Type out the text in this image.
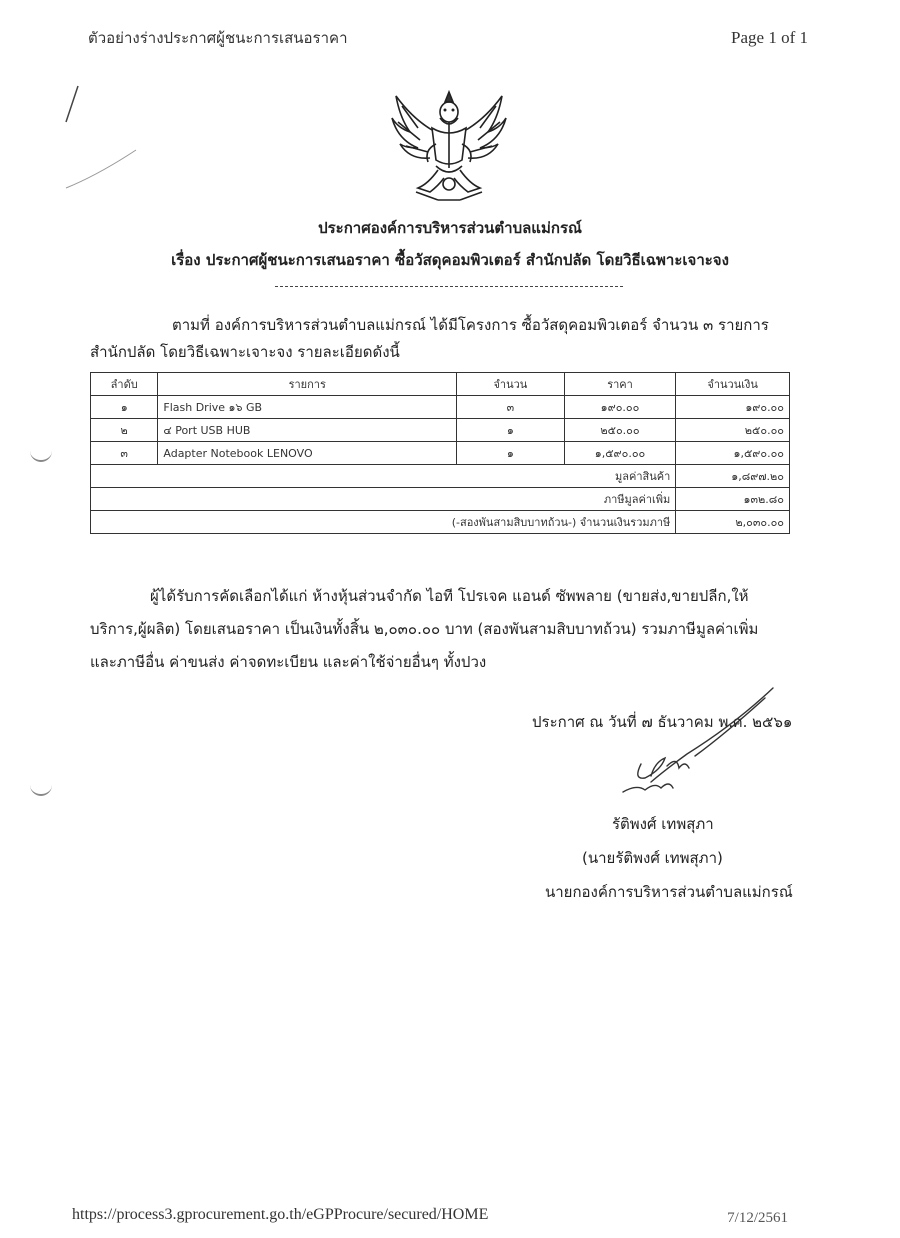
ตัวอย่างร่างประกาศผู้ชนะการเสนอราคา	Page 1 of 1
ประกาศองค์การบริหารส่วนตำบลแม่กรณ์
เรื่อง ประกาศผู้ชนะการเสนอราคา ซื้อวัสดุคอมพิวเตอร์ สำนักปลัด โดยวิธีเฉพาะเจาะจง
ตามที่ องค์การบริหารส่วนตำบลแม่กรณ์ ได้มีโครงการ ซื้อวัสดุคอมพิวเตอร์ จำนวน ๓ รายการ สำนักปลัด โดยวิธีเฉพาะเจาะจง รายละเอียดดังนี้
ลำดับ	รายการ	จำนวน	ราคา	จำนวนเงิน
๑	Flash Drive ๑๖ GB	๓	๑๙๐.๐๐	๑๙๐.๐๐
๒	๔ Port USB HUB	๑	๒๕๐.๐๐	๒๕๐.๐๐
๓	Adapter Notebook LENOVO	๑	๑,๕๙๐.๐๐	๑,๕๙๐.๐๐
มูลค่าสินค้า				๑,๘๙๗.๒๐
ภาษีมูลค่าเพิ่ม				๑๓๒.๘๐
(-สองพันสามสิบบาทถ้วน-) จำนวนเงินรวมภาษี				๒,๐๓๐.๐๐
ผู้ได้รับการคัดเลือกได้แก่ ห้างหุ้นส่วนจำกัด ไอที โปรเจค แอนด์ ซัพพลาย (ขายส่ง,ขายปลีก,ให้บริการ,ผู้ผลิต) โดยเสนอราคา เป็นเงินทั้งสิ้น ๒,๐๓๐.๐๐ บาท (สองพันสามสิบบาทถ้วน) รวมภาษีมูลค่าเพิ่มและภาษีอื่น ค่าขนส่ง ค่าจดทะเบียน และค่าใช้จ่ายอื่นๆ ทั้งปวง
ประกาศ ณ วันที่ ๗ ธันวาคม พ.ศ. ๒๕๖๑
รัติพงศ์ เทพสุภา
(นายรัติพงศ์ เทพสุภา)
นายกองค์การบริหารส่วนตำบลแม่กรณ์
https://process3.gprocurement.go.th/eGPProcure/secured/HOME	7/12/2561
